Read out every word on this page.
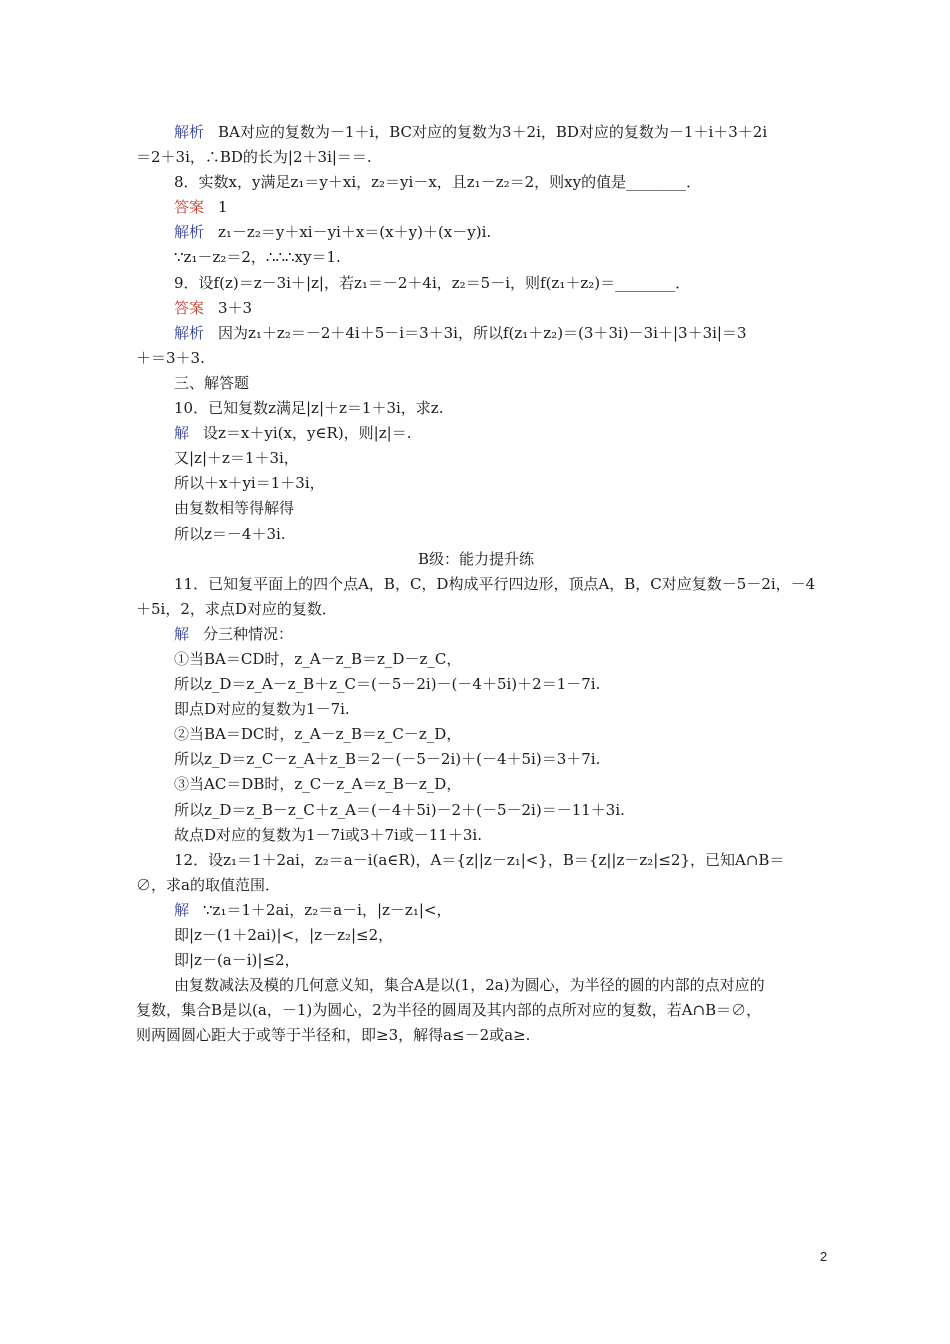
解析 BA对应的复数为－1＋i，BC对应的复数为3＋2i，BD对应的复数为－1＋i＋3＋2i
＝2＋3i，∴BD的长为|2＋3i|＝＝.
8．实数x，y满足z₁＝y＋xi，z₂＝yi－x，且z₁－z₂＝2，则xy的值是________．
答案 1
解析 z₁－z₂＝y＋xi－yi＋x＝(x＋y)＋(x－y)i.
∵z₁－z₂＝2，∴∴∴xy＝1.
9．设f(z)＝z－3i＋|z|，若z₁＝－2＋4i，z₂＝5－i，则f(z₁＋z₂)＝________．
答案 3＋3
解析 因为z₁＋z₂＝－2＋4i＋5－i＝3＋3i，所以f(z₁＋z₂)＝(3＋3i)－3i＋|3＋3i|＝3
＋＝3＋3.
三、解答题
10．已知复数z满足|z|＋z＝1＋3i，求z.
解 设z＝x＋yi(x，y∈R)，则|z|＝.
又|z|＋z＝1＋3i，
所以＋x＋yi＝1＋3i，
由复数相等得解得
所以z＝－4＋3i.
B级：能力提升练
11．已知复平面上的四个点A，B，C，D构成平行四边形，顶点A，B，C对应复数－5－2i，－4
＋5i，2，求点D对应的复数．
解 分三种情况：
①当BA＝CD时，z_A－z_B＝z_D－z_C，
所以z_D＝z_A－z_B＋z_C＝(－5－2i)－(－4＋5i)＋2＝1－7i.
即点D对应的复数为1－7i.
②当BA＝DC时，z_A－z_B＝z_C－z_D，
所以z_D＝z_C－z_A＋z_B＝2－(－5－2i)＋(－4＋5i)＝3＋7i.
③当AC＝DB时，z_C－z_A＝z_B－z_D，
所以z_D＝z_B－z_C＋z_A＝(－4＋5i)－2＋(－5－2i)＝－11＋3i.
故点D对应的复数为1－7i或3＋7i或－11＋3i.
12．设z₁＝1＋2ai，z₂＝a－i(a∈R)，A＝{z||z－z₁|<}，B＝{z||z－z₂|≤2}，已知A∩B＝
∅，求a的取值范围．
解 ∵z₁＝1＋2ai，z₂＝a－i，|z－z₁|<，
即|z－(1＋2ai)|<，|z－z₂|≤2，
即|z－(a－i)|≤2，
由复数减法及模的几何意义知，集合A是以(1，2a)为圆心，为半径的圆的内部的点对应的
复数，集合B是以(a，－1)为圆心，2为半径的圆周及其内部的点所对应的复数，若A∩B＝∅，
则两圆圆心距大于或等于半径和，即≥3，解得a≤－2或a≥.
2
